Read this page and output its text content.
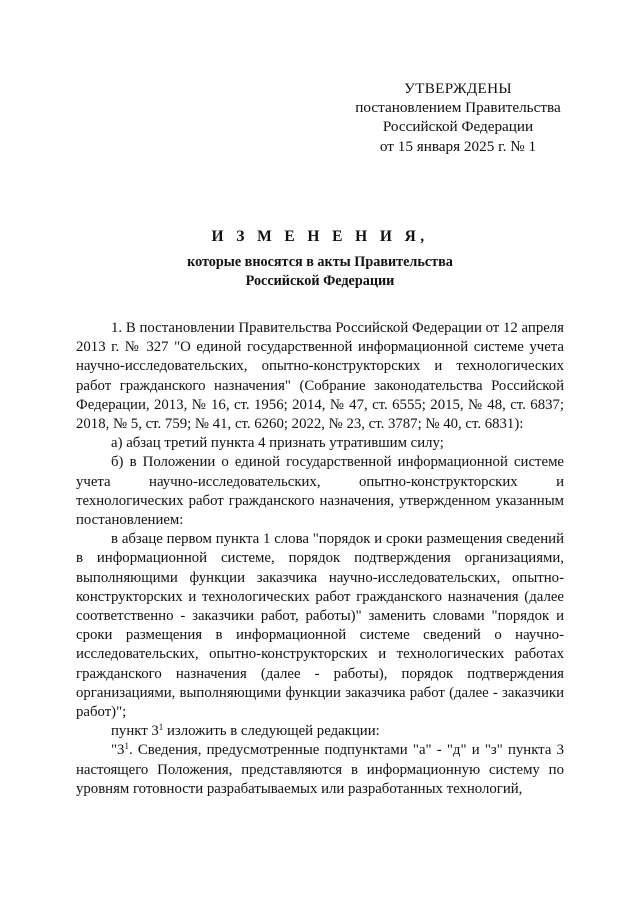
УТВЕРЖДЕНЫ
постановлением Правительства
Российской Федерации
от 15 января 2025 г. № 1
И З М Е Н Е Н И Я,
которые вносятся в акты Правительства
Российской Федерации

1. В постановлении Правительства Российской Федерации от 12 апреля 2013 г. № 327 "О единой государственной информационной системе учета научно-исследовательских, опытно-конструкторских и технологических работ гражданского назначения" (Собрание законодательства Российской Федерации, 2013, № 16, ст. 1956; 2014, № 47, ст. 6555; 2015, № 48, ст. 6837; 2018, № 5, ст. 759; № 41, ст. 6260; 2022, № 23, ст. 3787; № 40, ст. 6831):

а) абзац третий пункта 4 признать утратившим силу;

б) в Положении о единой государственной информационной системе учета научно-исследовательских, опытно-конструкторских и технологических работ гражданского назначения, утвержденном указанным постановлением:

в абзаце первом пункта 1 слова "порядок и сроки размещения сведений в информационной системе, порядок подтверждения организациями, выполняющими функции заказчика научно-исследовательских, опытно-конструкторских и технологических работ гражданского назначения (далее соответственно - заказчики работ, работы)" заменить словами "порядок и сроки размещения в информационной системе сведений о научно-исследовательских, опытно-конструкторских и технологических работах гражданского назначения (далее - работы), порядок подтверждения организациями, выполняющими функции заказчика работ (далее - заказчики работ)";

пункт $3^1$ изложить в следующей редакции:

"$3^1$. Сведения, предусмотренные подпунктами "а" - "д" и "з" пункта 3 настоящего Положения, представляются в информационную систему по уровням готовности разрабатываемых или разработанных технологий,
